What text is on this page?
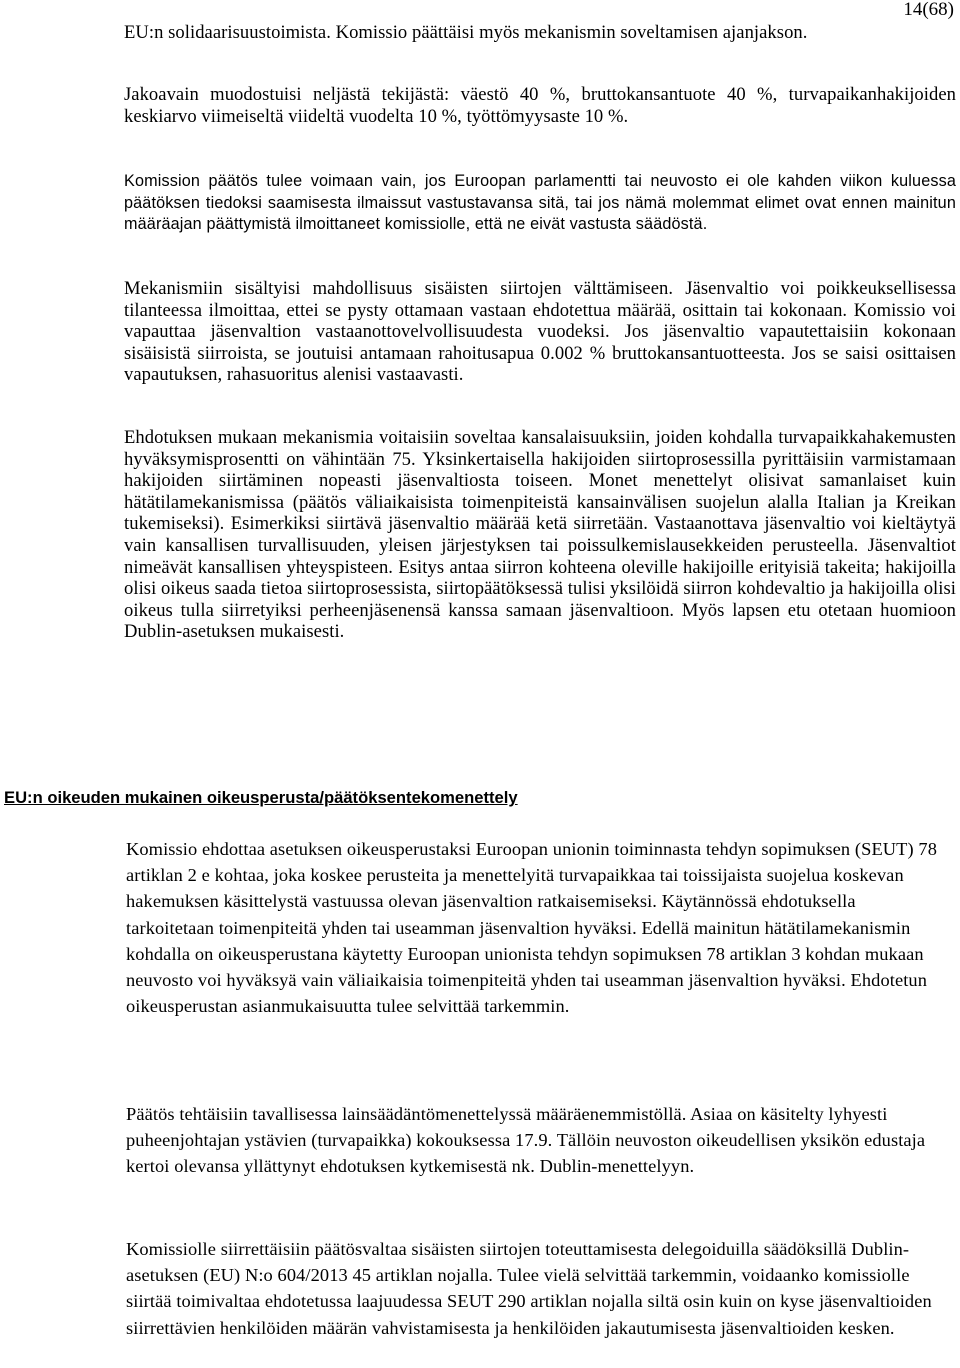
14(68)

EU:n solidaarisuustoimista. Komissio päättäisi myös mekanismin soveltamisen ajanjakson.

Jakoavain muodostuisi neljästä tekijästä: väestö 40 %, bruttokansantuote 40 %, turvapaikanhakijoiden keskiarvo viimeiseltä viideltä vuodelta 10 %, työttömyysaste 10 %.

Komission päätös tulee voimaan vain, jos Euroopan parlamentti tai neuvosto ei ole kahden viikon kuluessa päätöksen tiedoksi saamisesta ilmaissut vastustavansa sitä, tai jos nämä molemmat elimet ovat ennen mainitun määräajan päättymistä ilmoittaneet komissiolle, että ne eivät vastusta säädöstä.

Mekanismiin sisältyisi mahdollisuus sisäisten siirtojen välttämiseen. Jäsenvaltio voi poikkeuksellisessa tilanteessa ilmoittaa, ettei se pysty ottamaan vastaan ehdotettua määrää, osittain tai kokonaan. Komissio voi vapauttaa jäsenvaltion vastaanottovelvollisuudesta vuodeksi. Jos jäsenvaltio vapautettaisiin kokonaan sisäisistä siirroista, se joutuisi antamaan rahoitusapua 0.002 % bruttokansantuotteesta. Jos se saisi osittaisen vapautuksen, rahasuoritus alenisi vastaavasti.

Ehdotuksen mukaan mekanismia voitaisiin soveltaa kansalaisuuksiin, joiden kohdalla turvapaikkahakemusten hyväksymisprosentti on vähintään 75. Yksinkertaisella hakijoiden siirtoprosessilla pyrittäisiin varmistamaan hakijoiden siirtäminen nopeasti jäsenvaltiosta toiseen. Monet menettelyt olisivat samanlaiset kuin hätätilamekanismissa (päätös väliaikaisista toimenpiteistä kansainvälisen suojelun alalla Italian ja Kreikan tukemiseksi). Esimerkiksi siirtävä jäsenvaltio määrää ketä siirretään. Vastaanottava jäsenvaltio voi kieltäytyä vain kansallisen turvallisuuden, yleisen järjestyksen tai poissulkemislausekkeiden perusteella. Jäsenvaltiot nimeävät kansallisen yhteyspisteen. Esitys antaa siirron kohteena oleville hakijoille erityisiä takeita; hakijoilla olisi oikeus saada tietoa siirtoprosessista, siirtopäätöksessä tulisi yksilöidä siirron kohdevaltio ja hakijoilla olisi oikeus tulla siirretyiksi perheenjäsenensä kanssa samaan jäsenvaltioon. Myös lapsen etu otetaan huomioon Dublin-asetuksen mukaisesti.

EU:n oikeuden mukainen oikeusperusta/päätöksentekomenettely

Komissio ehdottaa asetuksen oikeusperustaksi Euroopan unionin toiminnasta tehdyn sopimuksen (SEUT) 78 artiklan 2 e kohtaa, joka koskee perusteita ja menettelyitä turvapaikkaa tai toissijaista suojelua koskevan hakemuksen käsittelystä vastuussa olevan jäsenvaltion ratkaisemiseksi. Käytännössä ehdotuksella tarkoitetaan toimenpiteitä yhden tai useamman jäsenvaltion hyväksi. Edellä mainitun hätätilamekanismin kohdalla on oikeusperustana käytetty Euroopan unionista tehdyn sopimuksen 78 artiklan 3 kohdan mukaan neuvosto voi hyväksyä vain väliaikaisia toimenpiteitä yhden tai useamman jäsenvaltion hyväksi. Ehdotetun oikeusperustan asianmukaisuutta tulee selvittää tarkemmin.

Päätös tehtäisiin tavallisessa lainsäädäntömenettelyssä määräenemmistöllä. Asiaa on käsitelty lyhyesti puheenjohtajan ystävien (turvapaikka) kokouksessa 17.9. Tällöin neuvoston oikeudellisen yksikön edustaja kertoi olevansa yllättynyt ehdotuksen kytkemisestä nk. Dublin-menettelyyn.

Komissiolle siirrettäisiin päätösvaltaa sisäisten siirtojen toteuttamisesta delegoiduilla säädöksillä Dublin-asetuksen (EU) N:o 604/2013 45 artiklan nojalla. Tulee vielä selvittää tarkemmin, voidaanko komissiolle siirtää toimivaltaa ehdotetussa laajuudessa SEUT 290 artiklan nojalla siltä osin kuin on kyse jäsenvaltioiden siirrettävien henkilöiden määrän vahvistamisesta ja henkilöiden jakautumisesta jäsenvaltioiden kesken.
